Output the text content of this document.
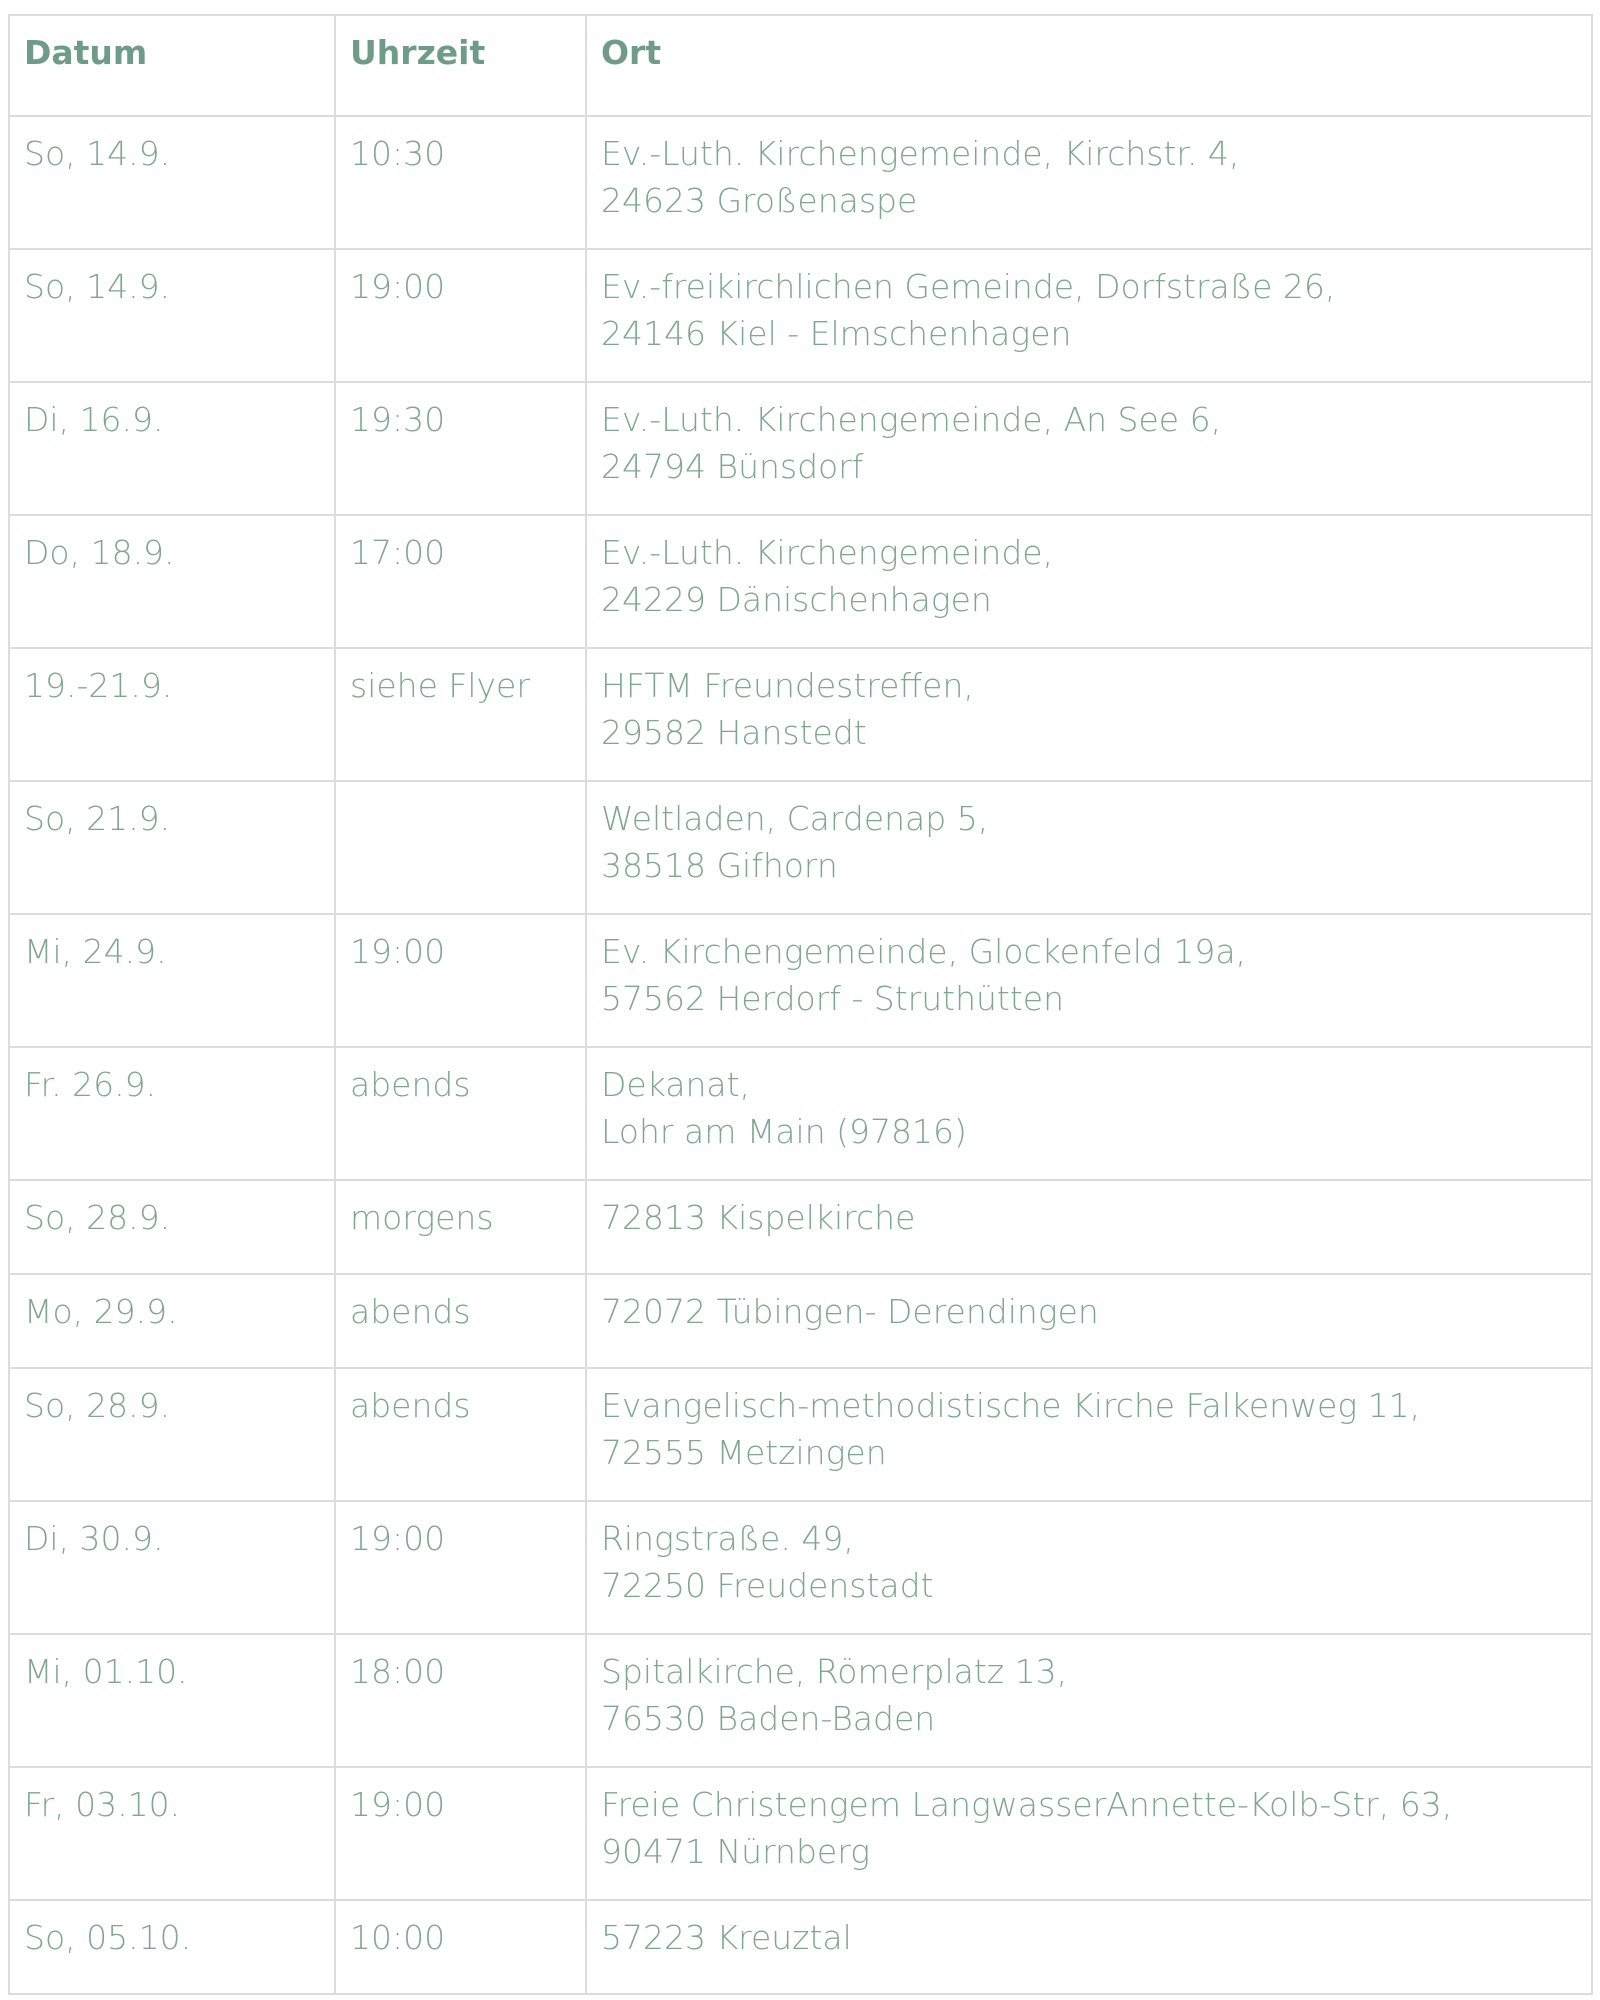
Datum	Uhrzeit	Ort
So, 14.9.	10:30	Ev.-Luth. Kirchengemeinde, Kirchstr. 4,
24623 Großenaspe
So, 14.9.	19:00	Ev.-freikirchlichen Gemeinde, Dorfstraße 26,
24146 Kiel - Elmschenhagen
Di, 16.9.	19:30	Ev.-Luth. Kirchengemeinde, An See 6,
24794 Bünsdorf
Do, 18.9.	17:00	Ev.-Luth. Kirchengemeinde,
24229 Dänischenhagen
19.-21.9.	siehe Flyer	HFTM Freundestreffen,
29582 Hanstedt
So, 21.9.		Weltladen, Cardenap 5,
38518 Gifhorn
Mi, 24.9.	19:00	Ev. Kirchengemeinde, Glockenfeld 19a,
57562 Herdorf - Struthütten
Fr. 26.9.	abends	Dekanat,
Lohr am Main (97816)
So, 28.9.	morgens	72813 Kispelkirche
Mo, 29.9.	abends	72072 Tübingen- Derendingen
So, 28.9.	abends	Evangelisch-methodistische Kirche Falkenweg 11,
72555 Metzingen
Di, 30.9.	19:00	Ringstraße. 49,
72250 Freudenstadt
Mi, 01.10.	18:00	Spitalkirche, Römerplatz 13,
76530 Baden-Baden
Fr, 03.10.	19:00	Freie Christengem LangwasserAnnette-Kolb-Str, 63,
90471 Nürnberg
So, 05.10.	10:00	57223 Kreuztal
